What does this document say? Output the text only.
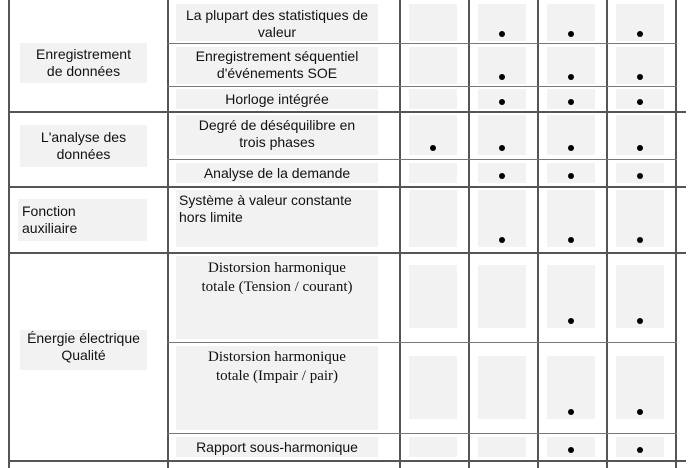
Enregistrement
de données
L'analyse des
données
Fonction
auxiliaire
Énergie électrique
Qualité
La plupart des statistiques de valeur
Enregistrement séquentiel d'événements SOE
Horloge intégrée
Degré de déséquilibre en trois phases
Analyse de la demande
Système à valeur constante hors limite
Distorsion harmonique totale (Tension / courant)
Distorsion harmonique totale (Impair / pair)
Rapport sous-harmonique
